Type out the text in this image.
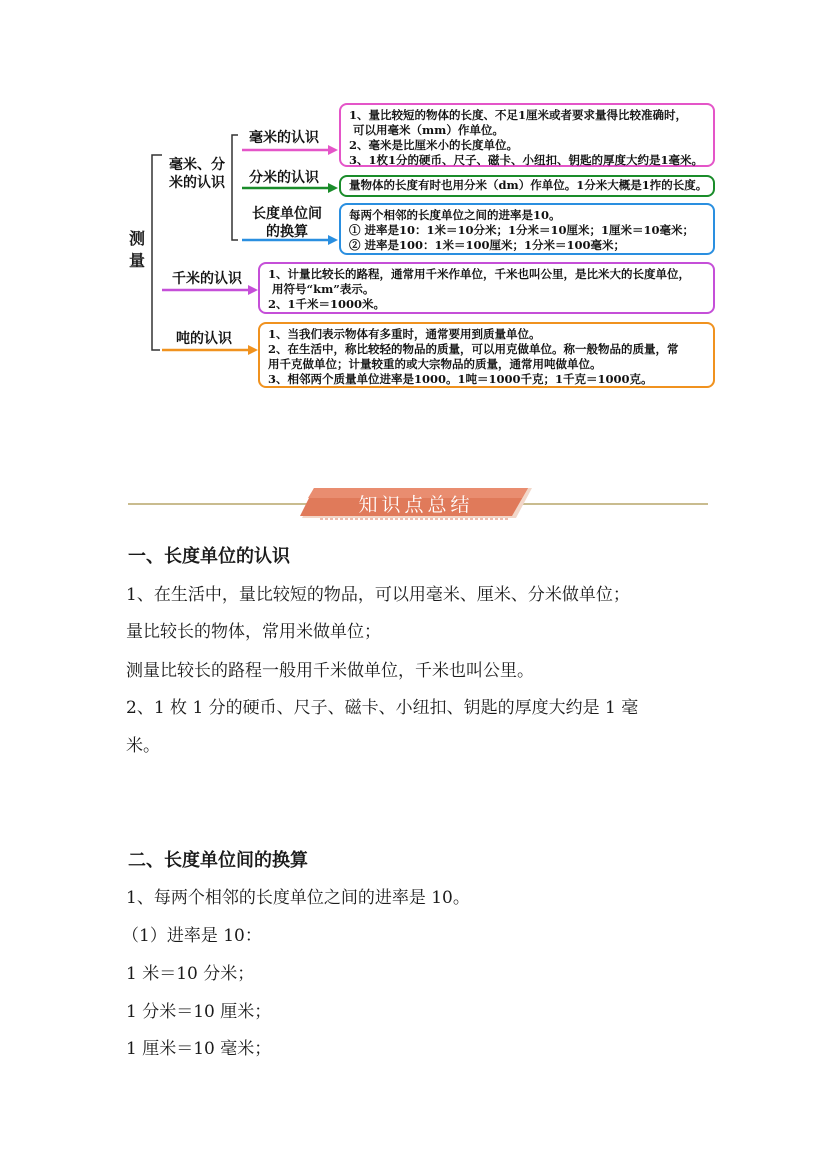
测量
毫米、分米的认识
毫米的认识
分米的认识
长度单位间的换算
千米的认识
吨的认识

1、量比较短的物体的长度、不足1厘米或者要求量得比较准确时，

可以用毫米（mm）作单位。

2、毫米是比厘米小的长度单位。

3、1枚1分的硬币、尺子、磁卡、小纽扣、钥匙的厚度大约是1毫米。

量物体的长度有时也用分米（dm）作单位。1分米大概是1拃的长度。

每两个相邻的长度单位之间的进率是10。

① 进率是10：1米＝10分米；1分米＝10厘米；1厘米＝10毫米；

② 进率是100：1米＝100厘米；1分米＝100毫米；

1、计量比较长的路程，通常用千米作单位，千米也叫公里，是比米大的长度单位，

用符号“km”表示。

2、1千米＝1000米。

1、当我们表示物体有多重时，通常要用到质量单位。

2、在生活中，称比较轻的物品的质量，可以用克做单位。称一般物品的质量，常

用千克做单位；计量较重的或大宗物品的质量，通常用吨做单位。

3、相邻两个质量单位进率是1000。1吨＝1000千克；1千克＝1000克。

知识点总结
一、长度单位的认识
1、在生活中，量比较短的物品，可以用毫米、厘米、分米做单位；
量比较长的物体，常用米做单位；
测量比较长的路程一般用千米做单位，千米也叫公里。
2、1 枚 1 分的硬币、尺子、磁卡、小纽扣、钥匙的厚度大约是 1 毫
米。
二、长度单位间的换算
1、每两个相邻的长度单位之间的进率是 10。
（1）进率是 10：
1 米＝10 分米；
1 分米＝10 厘米；
1 厘米＝10 毫米；
